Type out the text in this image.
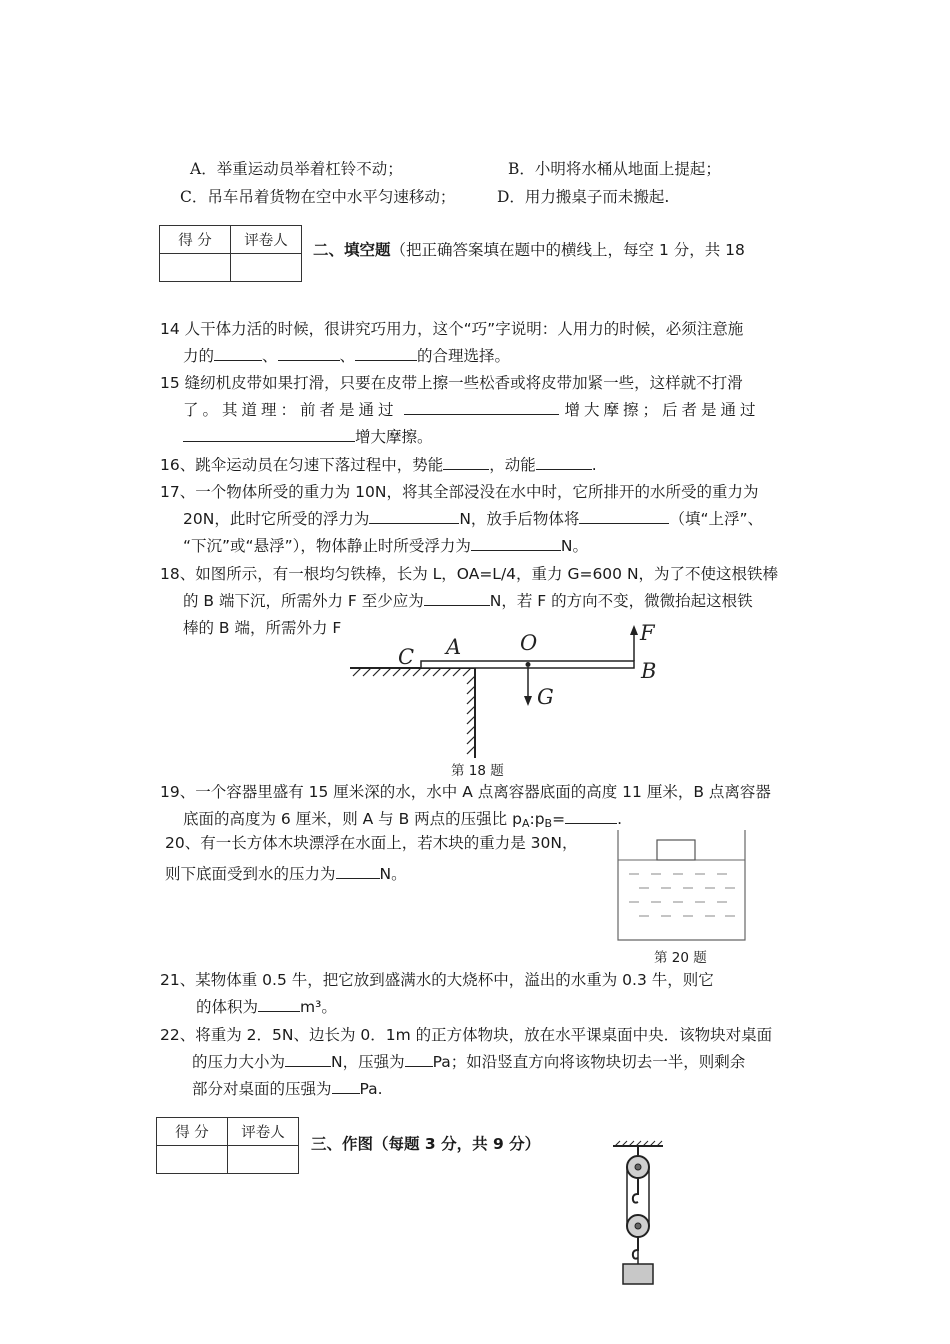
A．举重运动员举着杠铃不动；	B．小明将水桶从地面上提起；
C．吊车吊着货物在空中水平匀速移动；	D．用力搬桌子而未搬起.
得 分	评卷人
	二、填空题（把正确答案填在题中的横线上，每空 1 分，共 18
14 人干体力活的时候，很讲究巧用力，这个“巧”字说明：人用力的时候，必须注意施
力的	、	、	的合理选择。
15 缝纫机皮带如果打滑，只要在皮带上擦一些松香或将皮带加紧一些，这样就不打滑
了。其道理：前者是通过	增大摩擦；后者是通过
增大摩擦。
16、跳伞运动员在匀速下落过程中，势能	，动能	.
17、一个物体所受的重力为 10N，将其全部浸没在水中时，它所排开的水所受的重力为
20N，此时它所受的浮力为	N，放手后物体将	（填“上浮”、
“下沉”或“悬浮”），物体静止时所受浮力为	N。
18、如图所示，有一根均匀铁棒，长为 L，OA=L/4，重力 G=600 N，为了不使这根铁棒
的 B 端下沉，所需外力 F 至少应为	N，若 F 的方向不变，微微抬起这根铁
棒的 B 端，所需外力 F
C A	O	F
B
G
第 18 题
19、一个容器里盛有 15 厘米深的水，水中 A 点离容器底面的高度 11 厘米，B 点离容器
底面的高度为 6 厘米，则 A 与 B 两点的压强比 $p_A:p_B=$	.
20、有一长方体木块漂浮在水面上，若木块的重力是 30N，
则下底面受到水的压力为	N。
第 20 题
21、某物体重 0.5 牛，把它放到盛满水的大烧杯中，溢出的水重为 0.3 牛，则它
的体积为	m³。
22、将重为 2．5N、边长为 0．1m 的正方体物块，放在水平课桌面中央．该物块对桌面
的压力大小为	N，压强为 Pa；如沿竖直方向将该物块切去一半，则剩余
部分对桌面的压强为 Pa.
得 分	评卷人

三、作图（每题 3 分，共 9 分）
